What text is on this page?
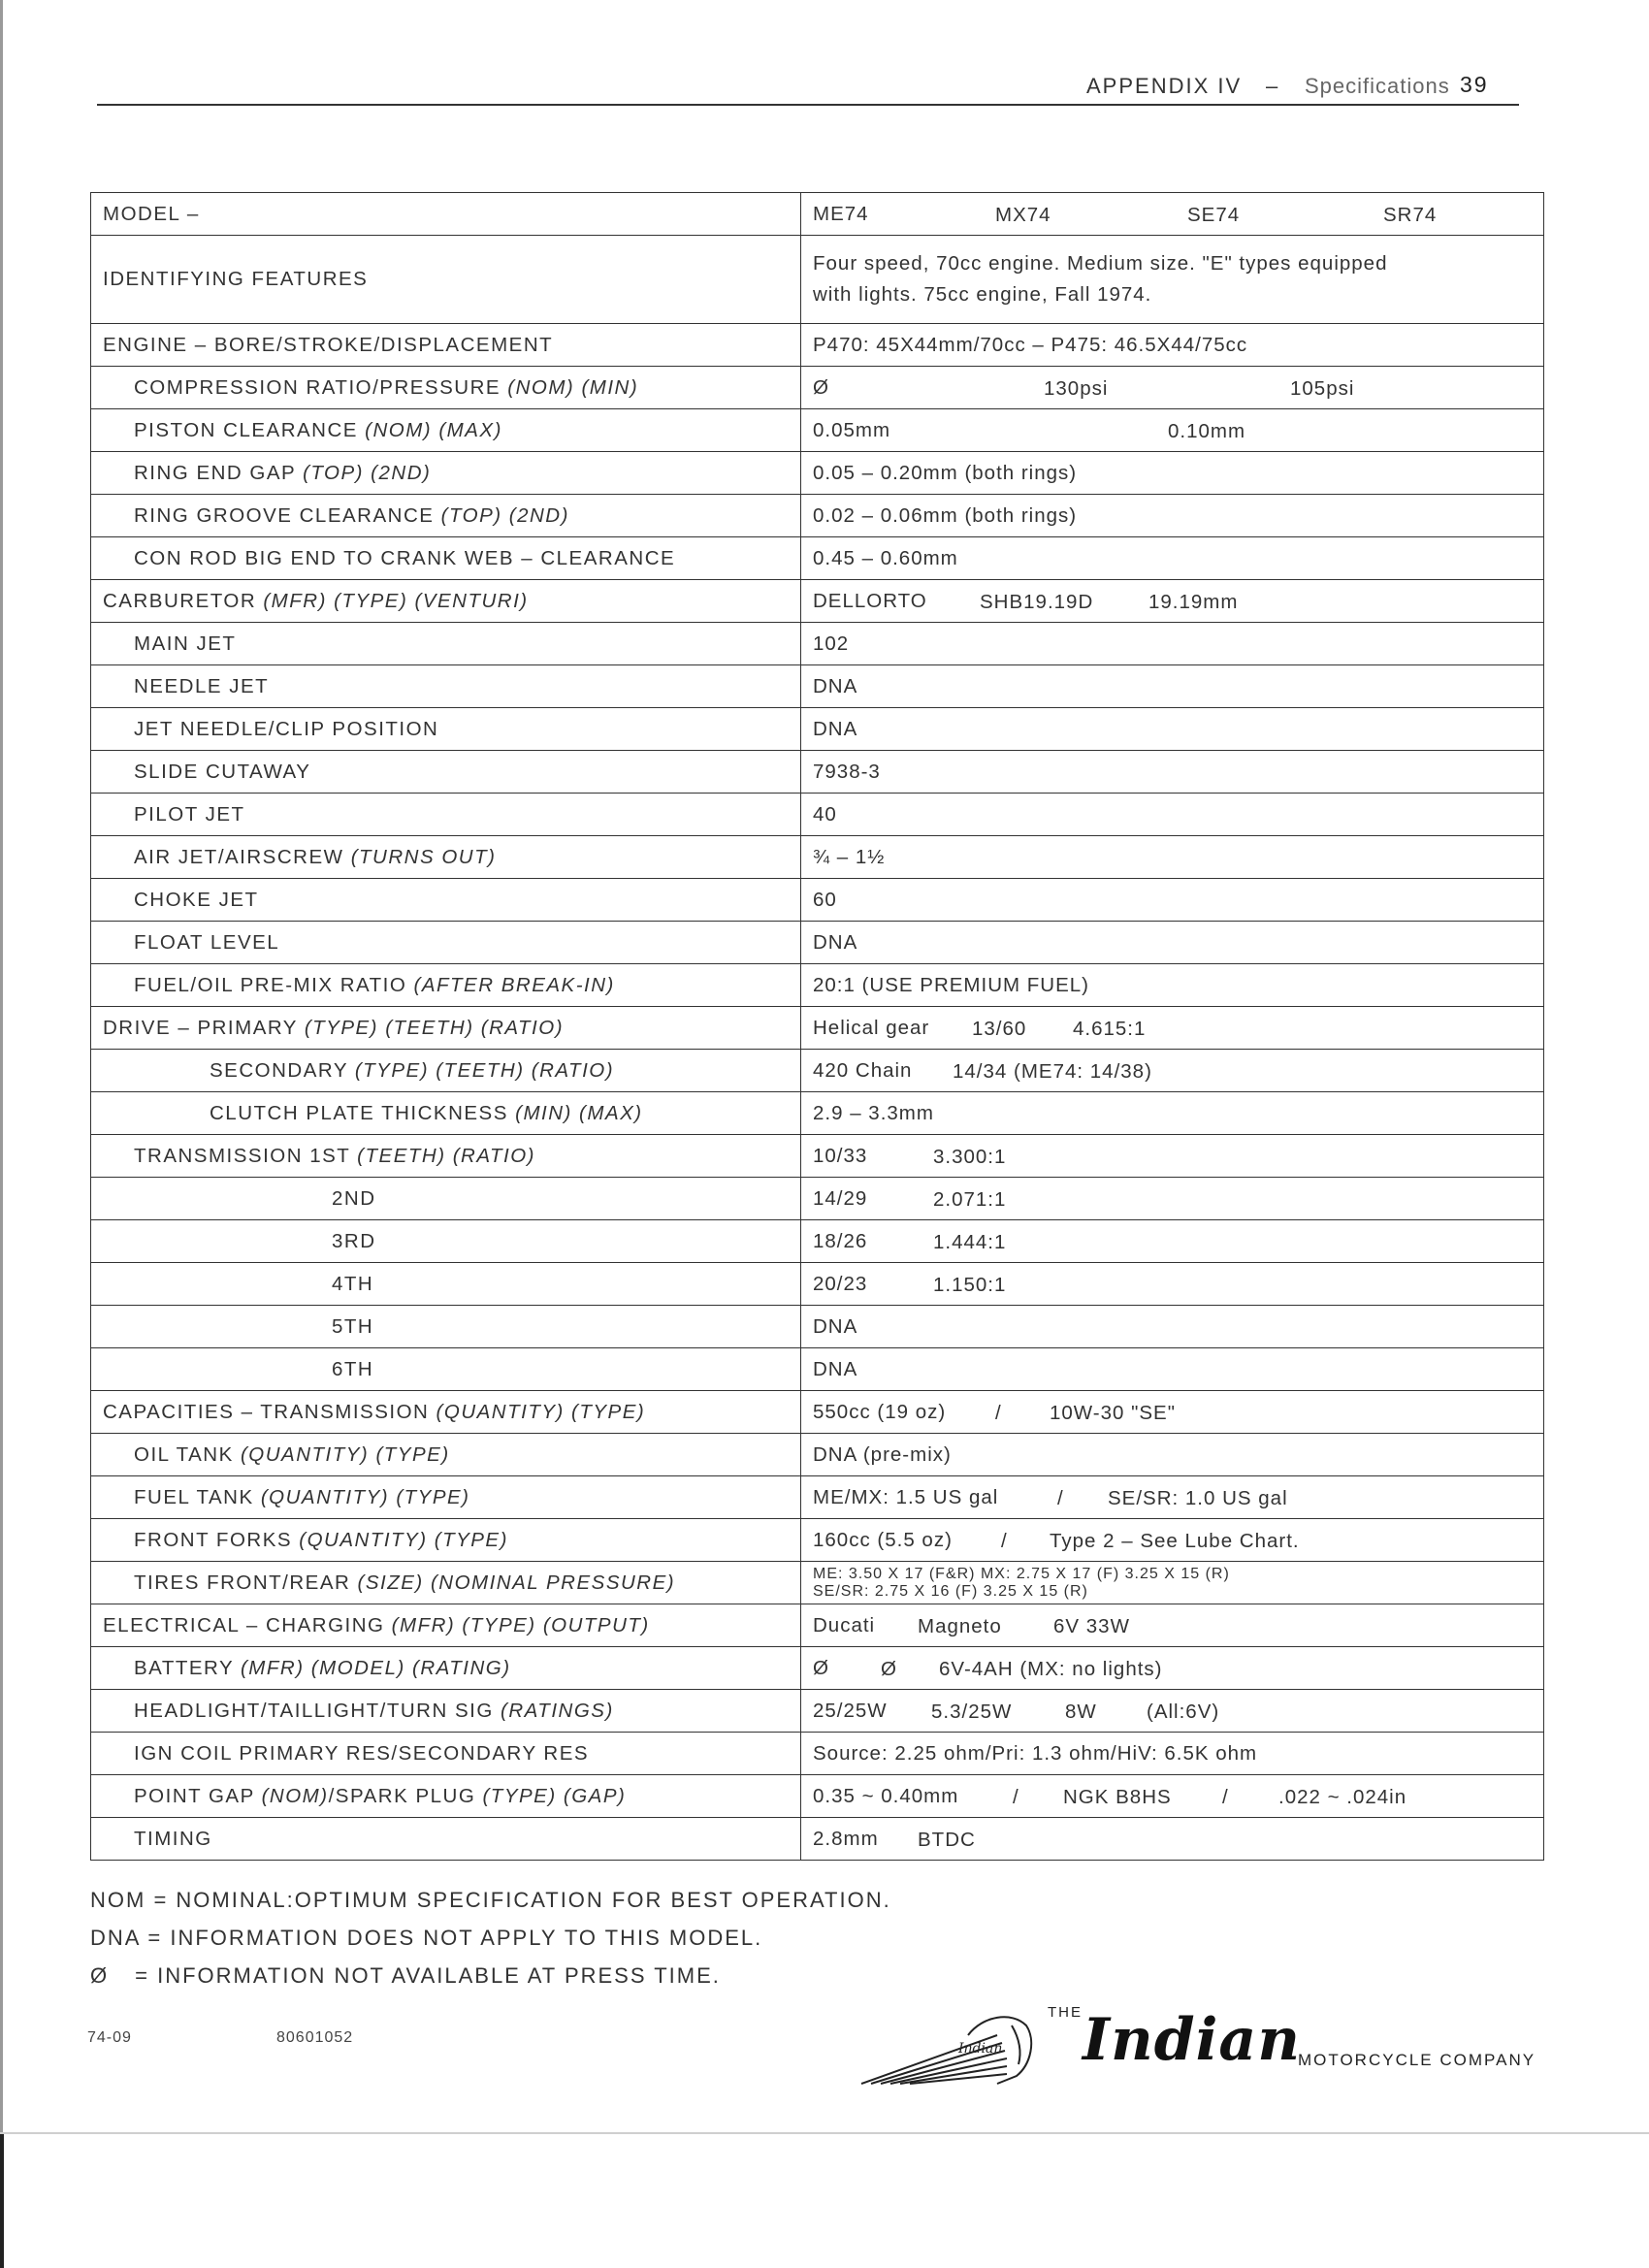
APPENDIX IV – Specifications 39
MODEL –	ME74 MX74 SE74 SR74

IDENTIFYING FEATURES	Four speed, 70cc engine. Medium size. "E" types equipped
with lights. 75cc engine, Fall 1974.

ENGINE – BORE/STROKE/DISPLACEMENT	P470: 45X44mm/70cc – P475: 46.5X44/75cc
COMPRESSION RATIO/PRESSURE (NOM) (MIN)	Ø 130psi 105psi

PISTON CLEARANCE (NOM) (MAX)	0.05mm 0.10mm

RING END GAP (TOP) (2ND)	0.05 – 0.20mm (both rings)
RING GROOVE CLEARANCE (TOP) (2ND)	0.02 – 0.06mm (both rings)
CON ROD BIG END TO CRANK WEB – CLEARANCE	0.45 – 0.60mm
CARBURETOR (MFR) (TYPE) (VENTURI)	DELLORTO SHB19.19D 19.19mm

MAIN JET	102
NEEDLE JET	DNA
JET NEEDLE/CLIP POSITION	DNA
SLIDE CUTAWAY	7938-3
PILOT JET	40
AIR JET/AIRSCREW (TURNS OUT)	¾ – 1½
CHOKE JET	60
FLOAT LEVEL	DNA
FUEL/OIL PRE-MIX RATIO (AFTER BREAK-IN)	20:1 (USE PREMIUM FUEL)
DRIVE – PRIMARY (TYPE) (TEETH) (RATIO)	Helical gear 13/60 4.615:1

SECONDARY (TYPE) (TEETH) (RATIO)	420 Chain 14/34 (ME74: 14/38)

CLUTCH PLATE THICKNESS (MIN) (MAX)	2.9 – 3.3mm
TRANSMISSION 1ST (TEETH) (RATIO)	10/33 3.300:1

2ND	14/29 2.071:1

3RD	18/26 1.444:1

4TH	20/23 1.150:1

5TH	DNA
6TH	DNA
CAPACITIES – TRANSMISSION (QUANTITY) (TYPE)	550cc (19 oz) / 10W-30 "SE"

OIL TANK (QUANTITY) (TYPE)	DNA (pre-mix)
FUEL TANK (QUANTITY) (TYPE)	ME/MX: 1.5 US gal / SE/SR: 1.0 US gal

FRONT FORKS (QUANTITY) (TYPE)	160cc (5.5 oz) / Type 2 – See Lube Chart.

TIRES FRONT/REAR (SIZE) (NOMINAL PRESSURE)	ME: 3.50 X 17 (F&R) MX: 2.75 X 17 (F) 3.25 X 15 (R)
SE/SR: 2.75 X 16 (F) 3.25 X 15 (R)

ELECTRICAL – CHARGING (MFR) (TYPE) (OUTPUT)	Ducati Magneto 6V 33W

BATTERY (MFR) (MODEL) (RATING)	Ø Ø 6V-4AH (MX: no lights)

HEADLIGHT/TAILLIGHT/TURN SIG (RATINGS)	25/25W 5.3/25W 8W (All:6V)

IGN COIL PRIMARY RES/SECONDARY RES	Source: 2.25 ohm/Pri: 1.3 ohm/HiV: 6.5K ohm
POINT GAP (NOM)/SPARK PLUG (TYPE) (GAP)	0.35 ~ 0.40mm / NGK B8HS / .022 ~ .024in

TIMING	2.8mm BTDC
NOM = NOMINAL:OPTIMUM SPECIFICATION FOR BEST OPERATION.
DNA = INFORMATION DOES NOT APPLY TO THIS MODEL.
Ø = INFORMATION NOT AVAILABLE AT PRESS TIME.
74-09	80601052
Indian
THE Indian
MOTORCYCLE COMPANY
